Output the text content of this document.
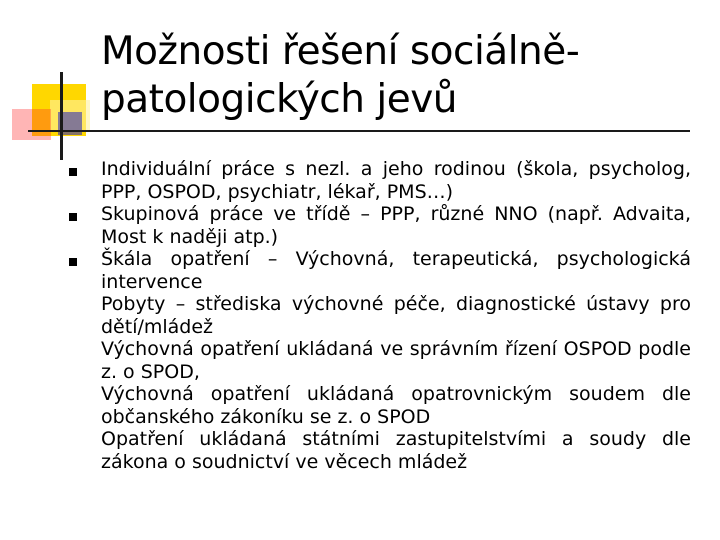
Možnosti řešení sociálně-
patologických jevů

Individuální práce s nezl. a jeho rodinou (škola, psycholog, PPP, OSPOD, psychiatr, lékař, PMS…)

Skupinová práce ve třídě – PPP, různé NNO (např. Advaita, Most k naději atp.)

Škála opatření – Výchovná, terapeutická, psychologická intervence

Pobyty – střediska výchovné péče, diagnostické ústavy pro dětí/mládež

Výchovná opatření ukládaná ve správním řízení OSPOD podle z. o SPOD,

Výchovná opatření ukládaná opatrovnickým soudem dle občanského zákoníku se z. o SPOD

Opatření ukládaná státními zastupitelstvími a soudy dle zákona o soudnictví ve věcech mládež
